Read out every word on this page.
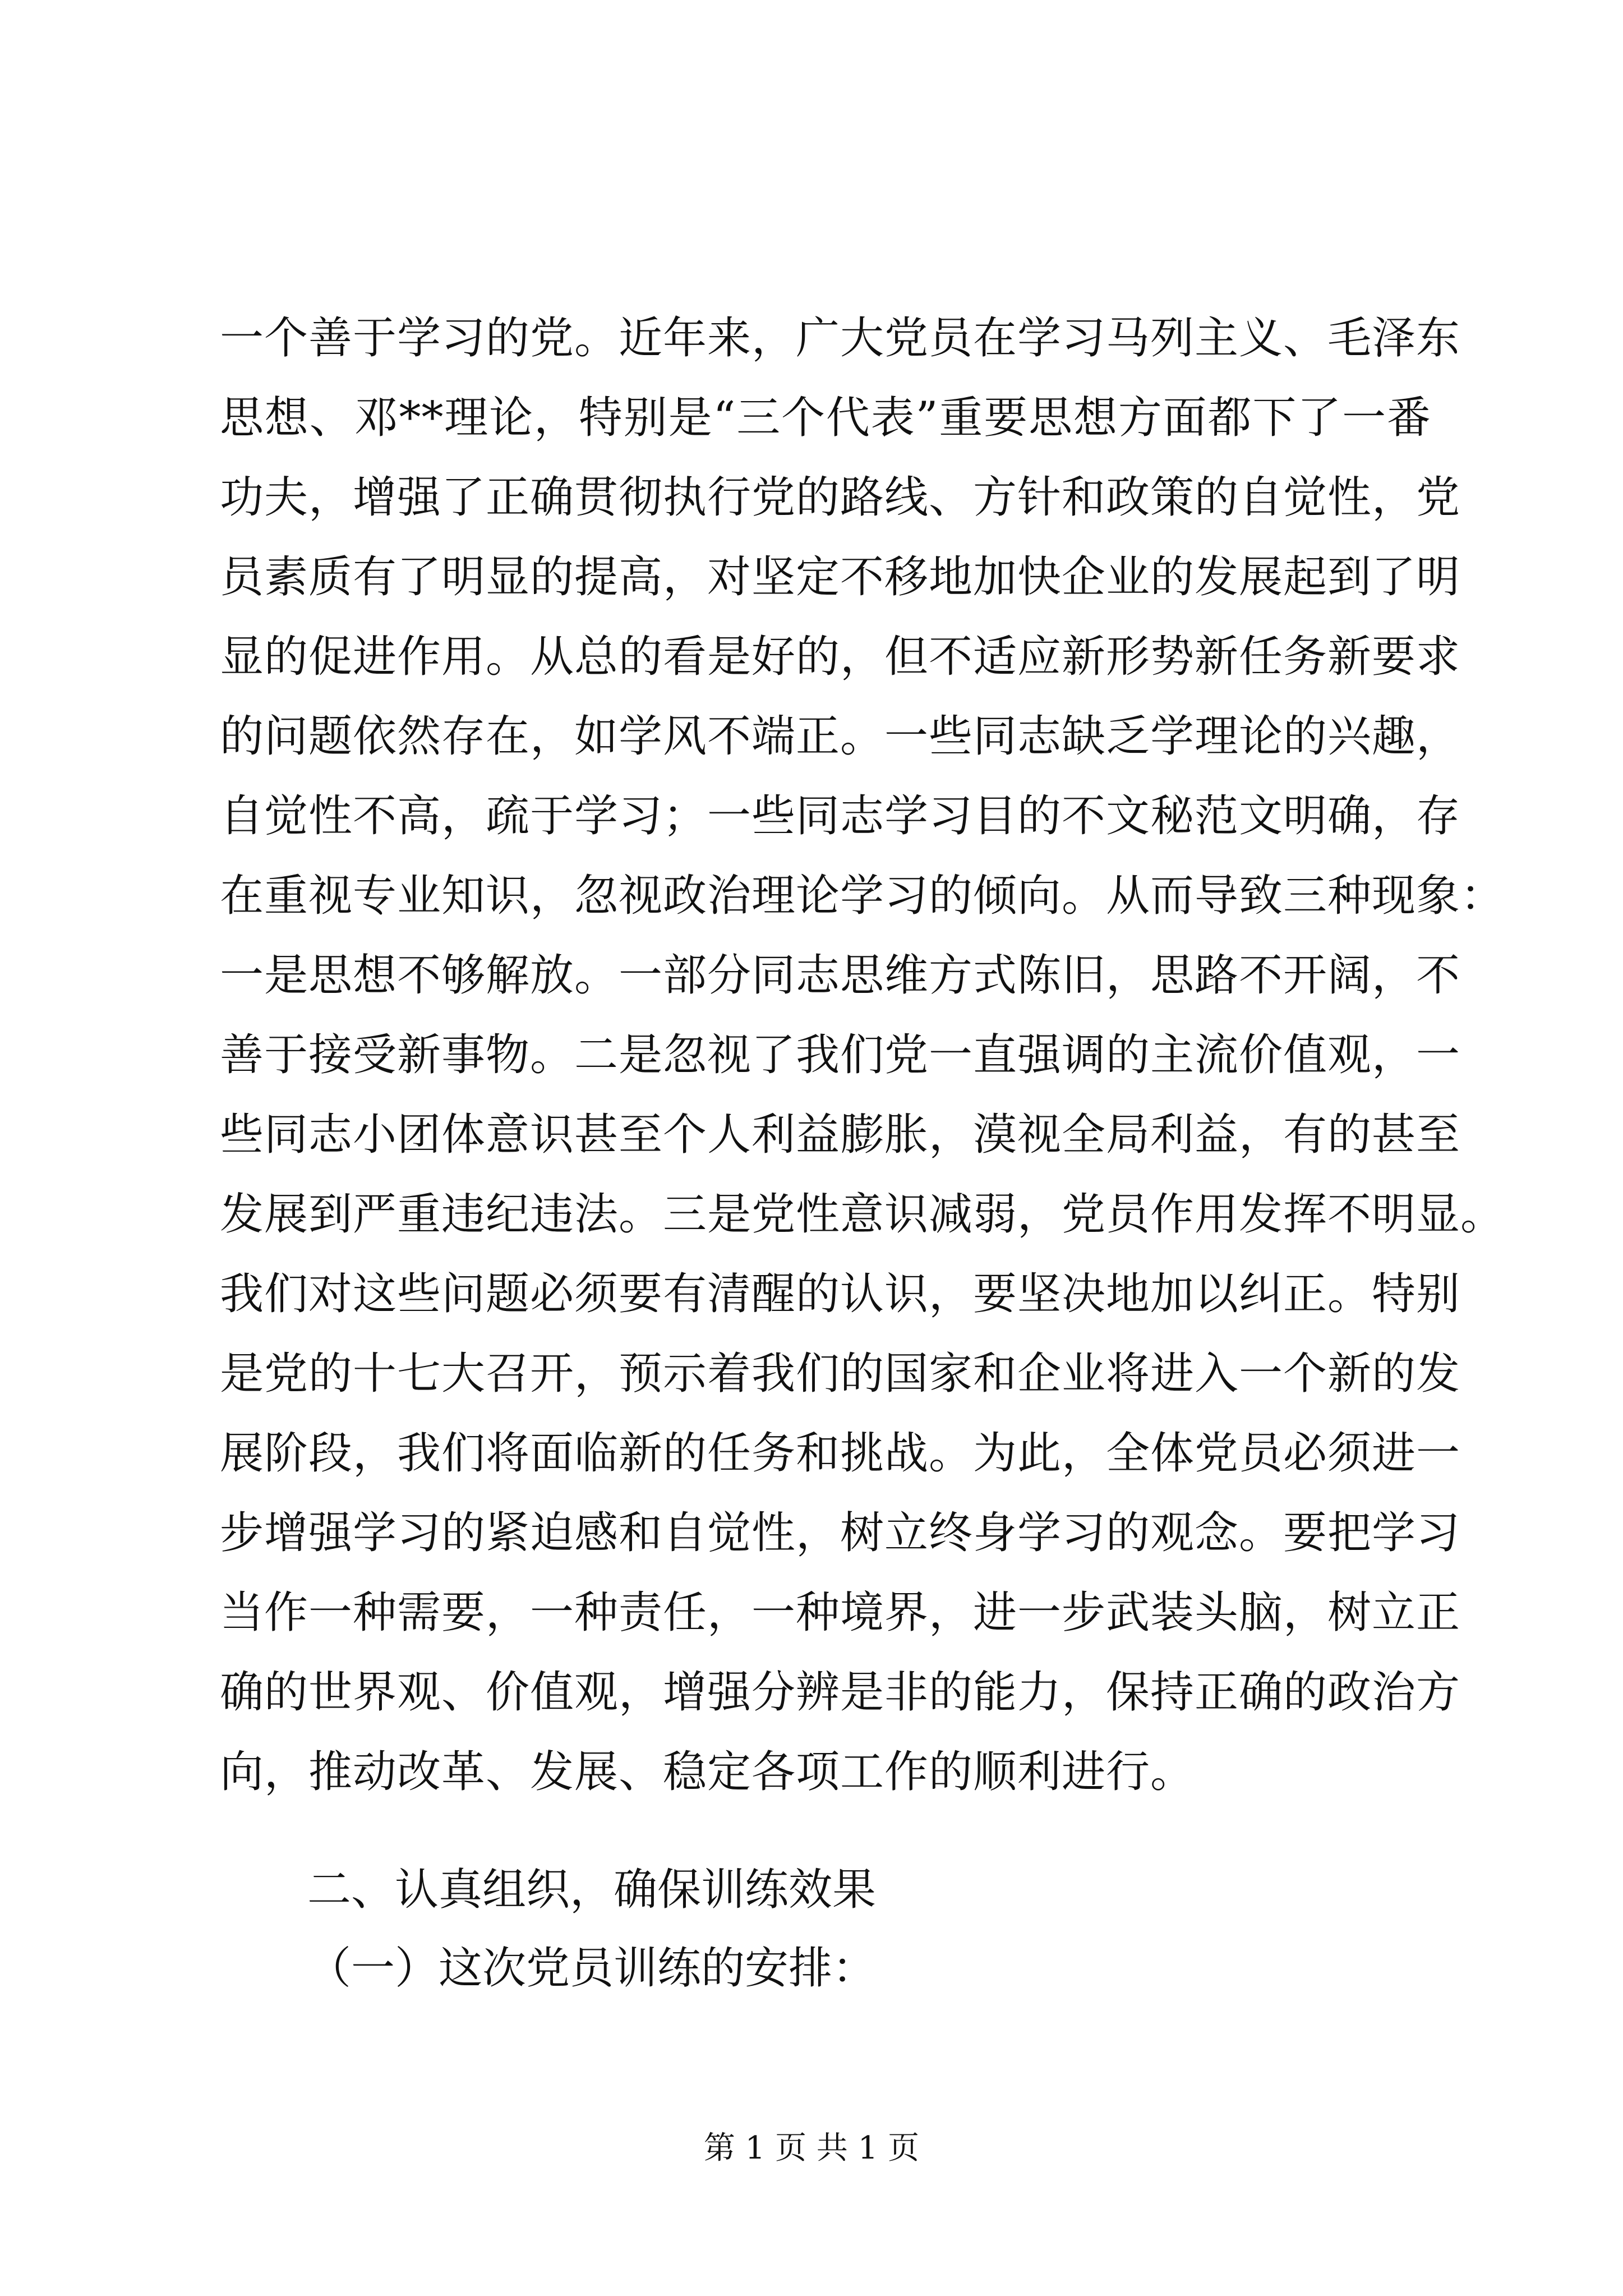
一个善于学习的党。近年来，广大党员在学习马列主义、毛泽东
思想、邓**理论，特别是“三个代表”重要思想方面都下了一番
功夫，增强了正确贯彻执行党的路线、方针和政策的自觉性，党
员素质有了明显的提高，对坚定不移地加快企业的发展起到了明
显的促进作用。从总的看是好的，但不适应新形势新任务新要求
的问题依然存在，如学风不端正。一些同志缺乏学理论的兴趣，
自觉性不高，疏于学习；一些同志学习目的不文秘范文明确，存
在重视专业知识，忽视政治理论学习的倾向。从而导致三种现象：
一是思想不够解放。一部分同志思维方式陈旧，思路不开阔，不
善于接受新事物。二是忽视了我们党一直强调的主流价值观，一
些同志小团体意识甚至个人利益膨胀，漠视全局利益，有的甚至
发展到严重违纪违法。三是党性意识减弱，党员作用发挥不明显。
我们对这些问题必须要有清醒的认识，要坚决地加以纠正。特别
是党的十七大召开，预示着我们的国家和企业将进入一个新的发
展阶段，我们将面临新的任务和挑战。为此，全体党员必须进一
步增强学习的紧迫感和自觉性，树立终身学习的观念。要把学习
当作一种需要，一种责任，一种境界，进一步武装头脑，树立正
确的世界观、价值观，增强分辨是非的能力，保持正确的政治方
向，推动改革、发展、稳定各项工作的顺利进行。
二、认真组织，确保训练效果
（一）这次党员训练的安排：
第 1 页 共 1 页
